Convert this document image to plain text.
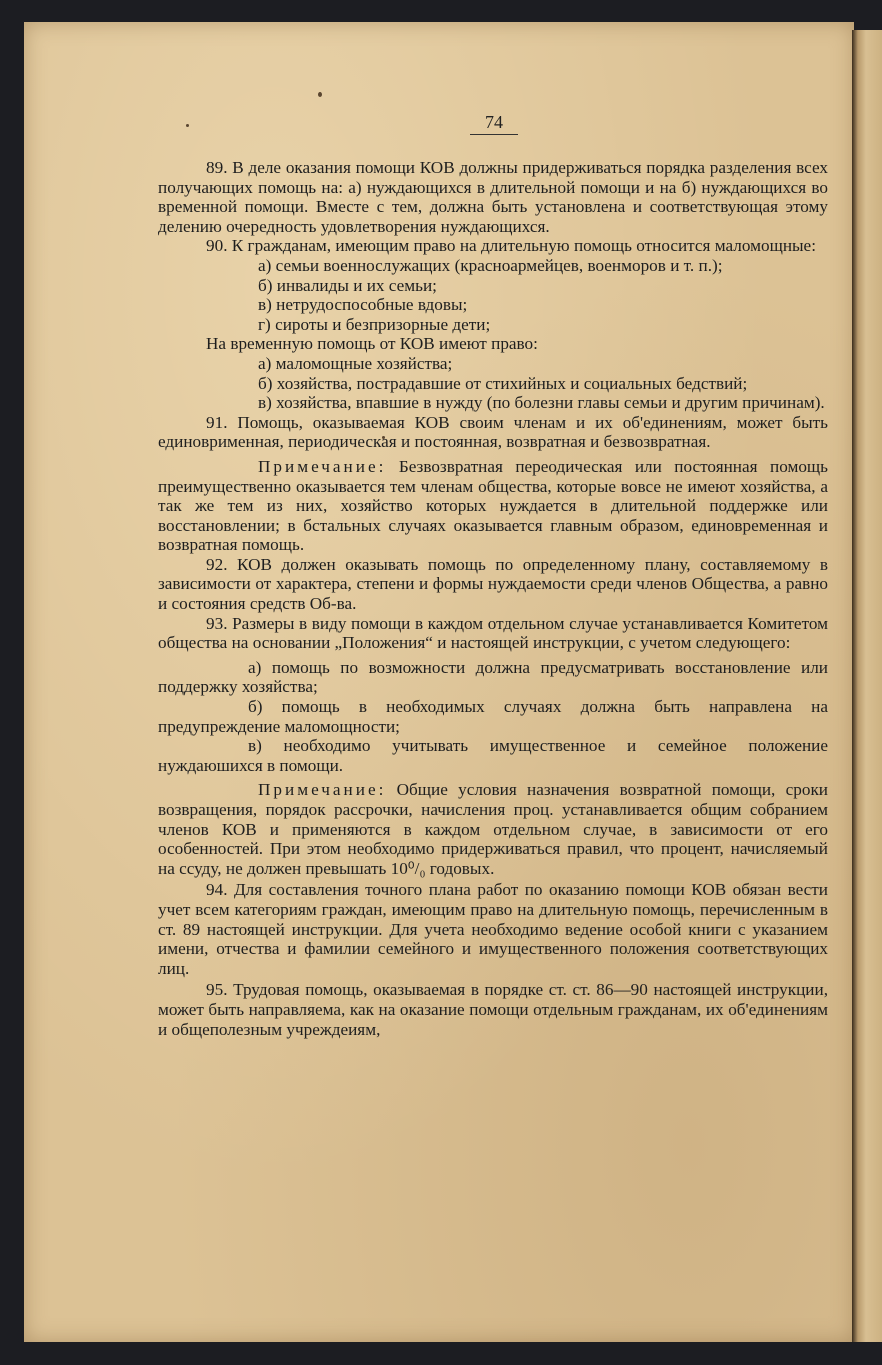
74

89. В деле оказания помощи КОВ должны придерживаться порядка разделения всех получающих помощь на: а) нуждающихся в длительной помощи и на б) нуждающихся во временной помощи. Вместе с тем, должна быть установлена и соответствующая этому делению очередность удовлетворения нуждающихся.

90. К гражданам, имеющим право на длительную помощь относится маломощные:

а) семьи военнослужащих (красноармейцев, военморов и т. п.);

б) инвалиды и их семьи;

в) нетрудоспособные вдовы;

г) сироты и безпризорные дети;

На временную помощь от КОВ имеют право:

а) маломощные хозяйства;

б) хозяйства, пострадавшие от стихийных и социальных бедствий;

в) хозяйства, впавшие в нужду (по болезни главы семьи и другим причинам).

91. Помощь, оказываемая КОВ своим членам и их об'единениям, может быть единоврименная, периодическая и постоянная, возвратная и безвозвратная.

Примечание: Безвозвратная переодическая или постоянная помощь преимущественно оказывается тем членам общества, которые вовсе не имеют хозяйства, а так же тем из них, хозяйство которых нуждается в длительной поддержке или восстановлении; в бстальных случаях оказывается главным образом, единовременная и возвратная помощь.

92. КОВ должен оказывать помощь по определенному плану, составляемому в зависимости от характера, степени и формы нуждаемости среди членов Общества, а равно и состояния средств Об-ва.

93. Размеры в виду помощи в каждом отдельном случае устанавливается Комитетом общества на основании „Положения“ и настоящей инструкции, с учетом следующего:

а) помощь по возможности должна предусматривать восстановление или поддержку хозяйства;

б) помощь в необходимых случаях должна быть направлена на предупреждение маломощности;

в) необходимо учитывать имущественное и семейное положение нуждаюшихся в помощи.

Примечание: Общие условия назначения возвратной помощи, сроки возвращения, порядок рассрочки, начисления проц. устанавливается общим собранием членов КОВ и применяются в каждом отдельном случае, в зависимости от его особенностей. При этом необходимо придерживаться правил, что процент, начисляемый на ссуду, не должен превышать 10⁰/₀ годовых.

94. Для составления точного плана работ по оказанию помощи КОВ обязан вести учет всем категориям граждан, имеющим право на длительную помощь, перечисленным в ст. 89 настоящей инструкции. Для учета необходимо ведение особой книги с указанием имени, отчества и фамилии семейного и имущественного положения соответствующих лиц.

95. Трудовая помощь, оказываемая в порядке ст. ст. 86—90 настоящей инструкции, может быть направляема, как на оказание помощи отдельным гражданам, их об'единениям и общеполезным учреждеиям,
